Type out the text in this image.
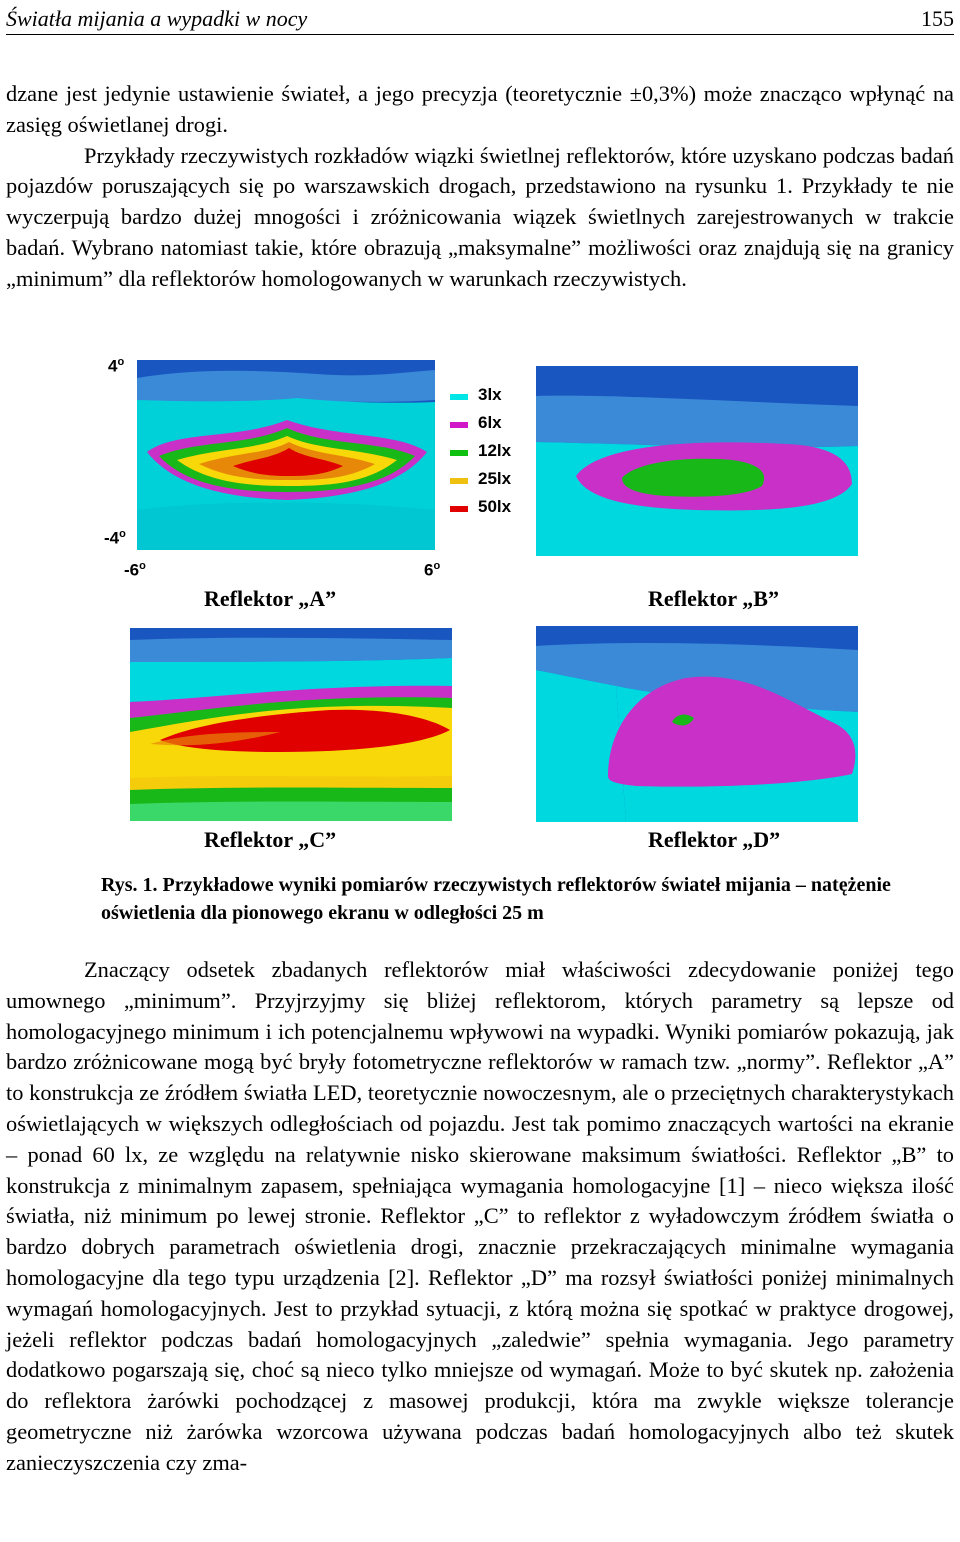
Światła mijania a wypadki w nocy	155

dzane jest jedynie ustawienie świateł, a jego precyzja (teoretycznie ±0,3%) może znacząco wpłynąć na zasięg oświetlanej drogi.

Przykłady rzeczywistych rozkładów wiązki świetlnej reflektorów, które uzyskano podczas badań pojazdów poruszających się po warszawskich drogach, przedstawiono na rysunku 1. Przykłady te nie wyczerpują bardzo dużej mnogości i zróżnicowania wiązek świetlnych zarejestrowanych w trakcie badań. Wybrano natomiast takie, które obrazują „maksymalne” możliwości oraz znajdują się na granicy „minimum” dla reflektorów homologowanych w warunkach rzeczywistych.

4$^o$
-4$^o$
-6$^o$	6$^o$
3lx
6lx
12lx
25lx
50lx
Reflektor „A”	Reflektor „B”
Reflektor „C”	Reflektor „D”
Rys. 1. Przykładowe wyniki pomiarów rzeczywistych reflektorów świateł mijania – natężenie oświetlenia dla pionowego ekranu w odległości 25 m

Znaczący odsetek zbadanych reflektorów miał właściwości zdecydowanie poniżej tego umownego „minimum”. Przyjrzyjmy się bliżej reflektorom, których parametry są lepsze od homologacyjnego minimum i ich potencjalnemu wpływowi na wypadki. Wyniki pomiarów pokazują, jak bardzo zróżnicowane mogą być bryły fotometryczne reflektorów w ramach tzw. „normy”. Reflektor „A” to konstrukcja ze źródłem światła LED, teoretycznie nowoczesnym, ale o przeciętnych charakterystykach oświetlających w większych odległościach od pojazdu. Jest tak pomimo znaczących wartości na ekranie – ponad 60 lx, ze względu na relatywnie nisko skierowane maksimum światłości. Reflektor „B” to konstrukcja z minimalnym zapasem, spełniająca wymagania homologacyjne [1] – nieco większa ilość światła, niż minimum po lewej stronie. Reflektor „C” to reflektor z wyładowczym źródłem światła o bardzo dobrych parametrach oświetlenia drogi, znacznie przekraczających minimalne wymagania homologacyjne dla tego typu urządzenia [2]. Reflektor „D” ma rozsył światłości poniżej minimalnych wymagań homologacyjnych. Jest to przykład sytuacji, z którą można się spotkać w praktyce drogowej, jeżeli reflektor podczas badań homologacyjnych „zaledwie” spełnia wymagania. Jego parametry dodatkowo pogarszają się, choć są nieco tylko mniejsze od wymagań. Może to być skutek np. założenia do reflektora żarówki pochodzącej z masowej produkcji, która ma zwykle większe tolerancje geometryczne niż żarówka wzorcowa używana podczas badań homologacyjnych albo też skutek zanieczyszczenia czy zma-
